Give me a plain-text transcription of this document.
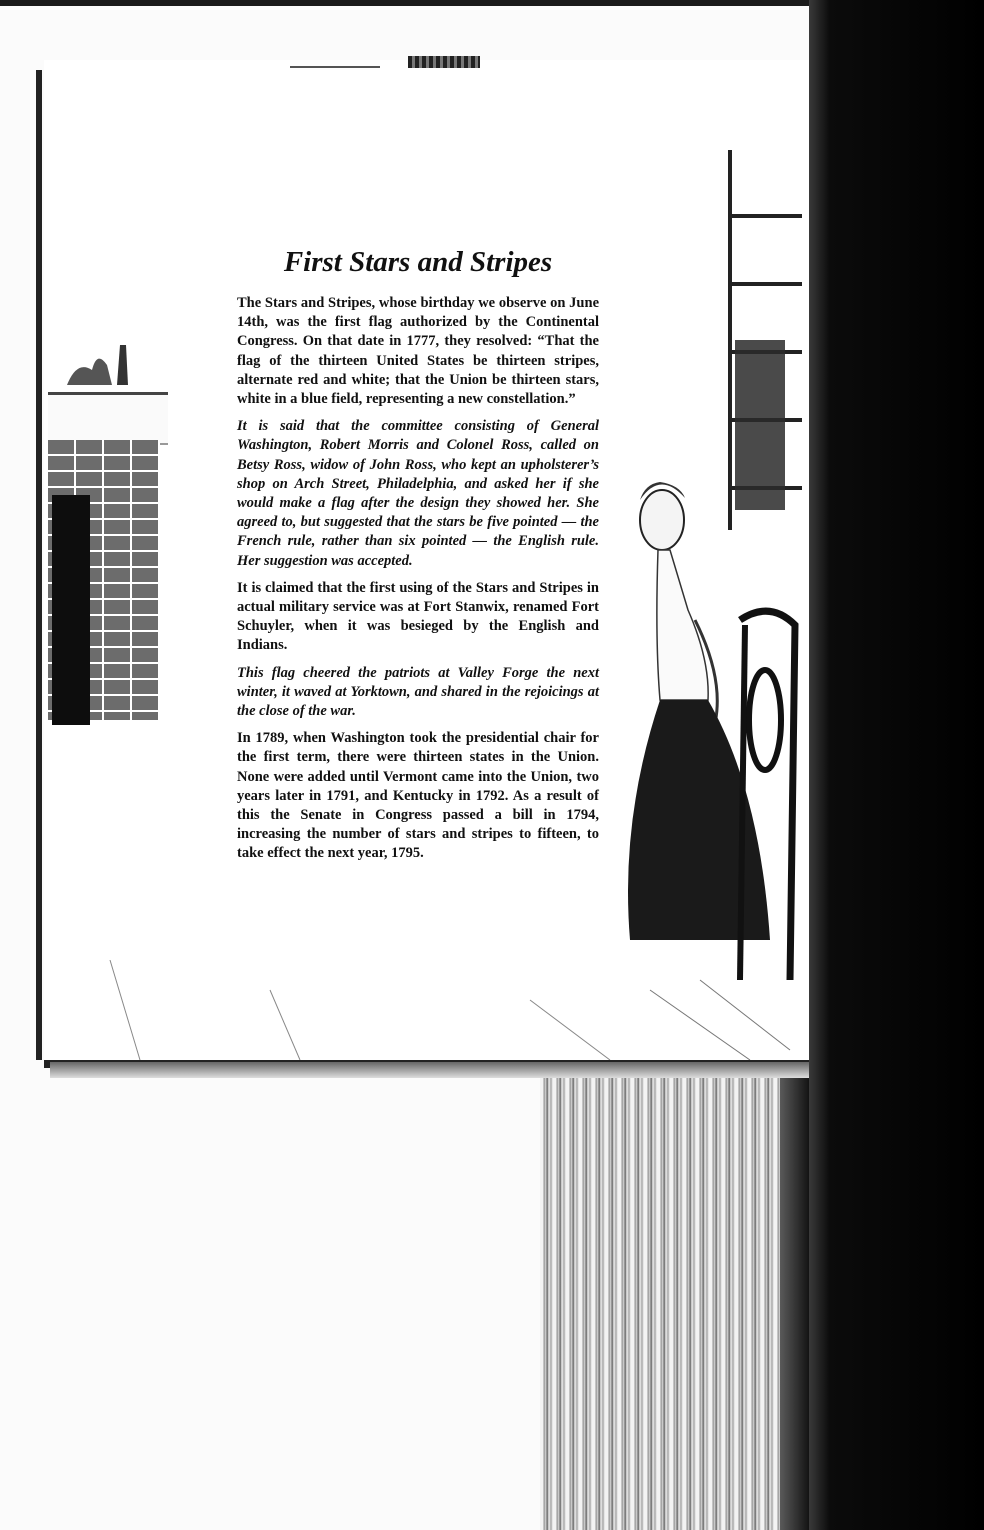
First Stars and Stripes

The Stars and Stripes, whose birthday we observe on June 14th, was the first flag authorized by the Continental Congress. On that date in 1777, they resolved: “That the flag of the thirteen United States be thirteen stripes, alternate red and white; that the Union be thirteen stars, white in a blue field, representing a new constellation.”

It is said that the committee consisting of General Washington, Robert Morris and Colonel Ross, called on Betsy Ross, widow of John Ross, who kept an upholsterer’s shop on Arch Street, Philadelphia, and asked her if she would make a flag after the design they showed her. She agreed to, but suggested that the stars be five pointed — the French rule, rather than six pointed — the English rule. Her suggestion was accepted.

It is claimed that the first using of the Stars and Stripes in actual military service was at Fort Stanwix, renamed Fort Schuyler, when it was besieged by the English and Indians.

This flag cheered the patriots at Valley Forge the next winter, it waved at Yorktown, and shared in the rejoicings at the close of the war.

In 1789, when Washington took the presidential chair for the first term, there were thirteen states in the Union. None were added until Vermont came into the Union, two years later in 1791, and Kentucky in 1792. As a result of this the Senate in Congress passed a bill in 1794, increasing the number of stars and stripes to fifteen, to take effect the next year, 1795.
